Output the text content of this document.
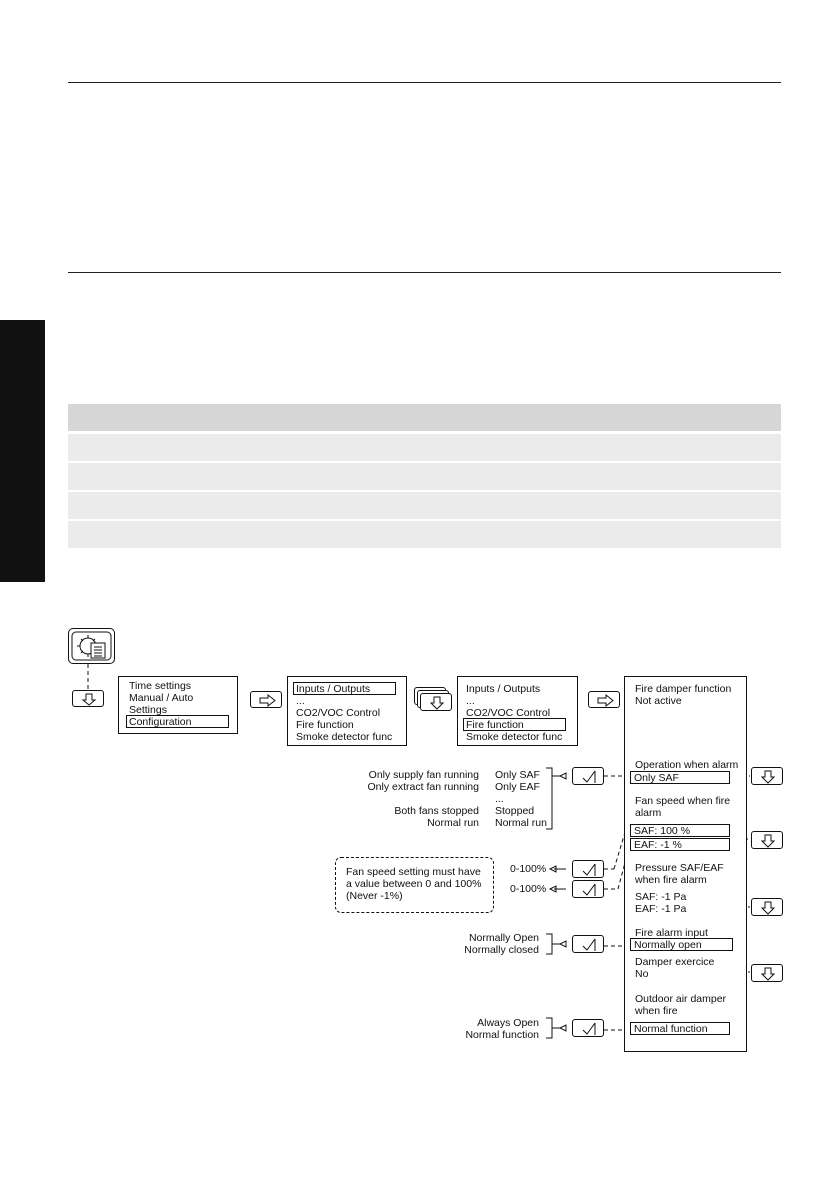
Time settings
Manual / Auto
Settings
Configuration
Inputs / Outputs
...
CO2/VOC Control
Fire function
Smoke detector func
Inputs / Outputs
...
CO2/VOC Control
Fire function
Smoke detector func
Fire damper function
Not active
Operation when alarm
Only SAF
Fan speed when fire
alarm
SAF: 100 %
EAF: -1 %
Pressure SAF/EAF
when fire alarm
SAF: -1 Pa
EAF: -1 Pa
Fire alarm input
Normally open
Damper exercice
No
Outdoor air damper
when fire
Normal function
Only supply fan running
Only extract fan running
Both fans stopped
Normal run
Only SAF
Only EAF
...
Stopped
Normal run
0-100%
0-100%
Fan speed setting must have
a value between 0 and 100%
(Never -1%)
Normally Open
Normally closed
Always Open
Normal function
